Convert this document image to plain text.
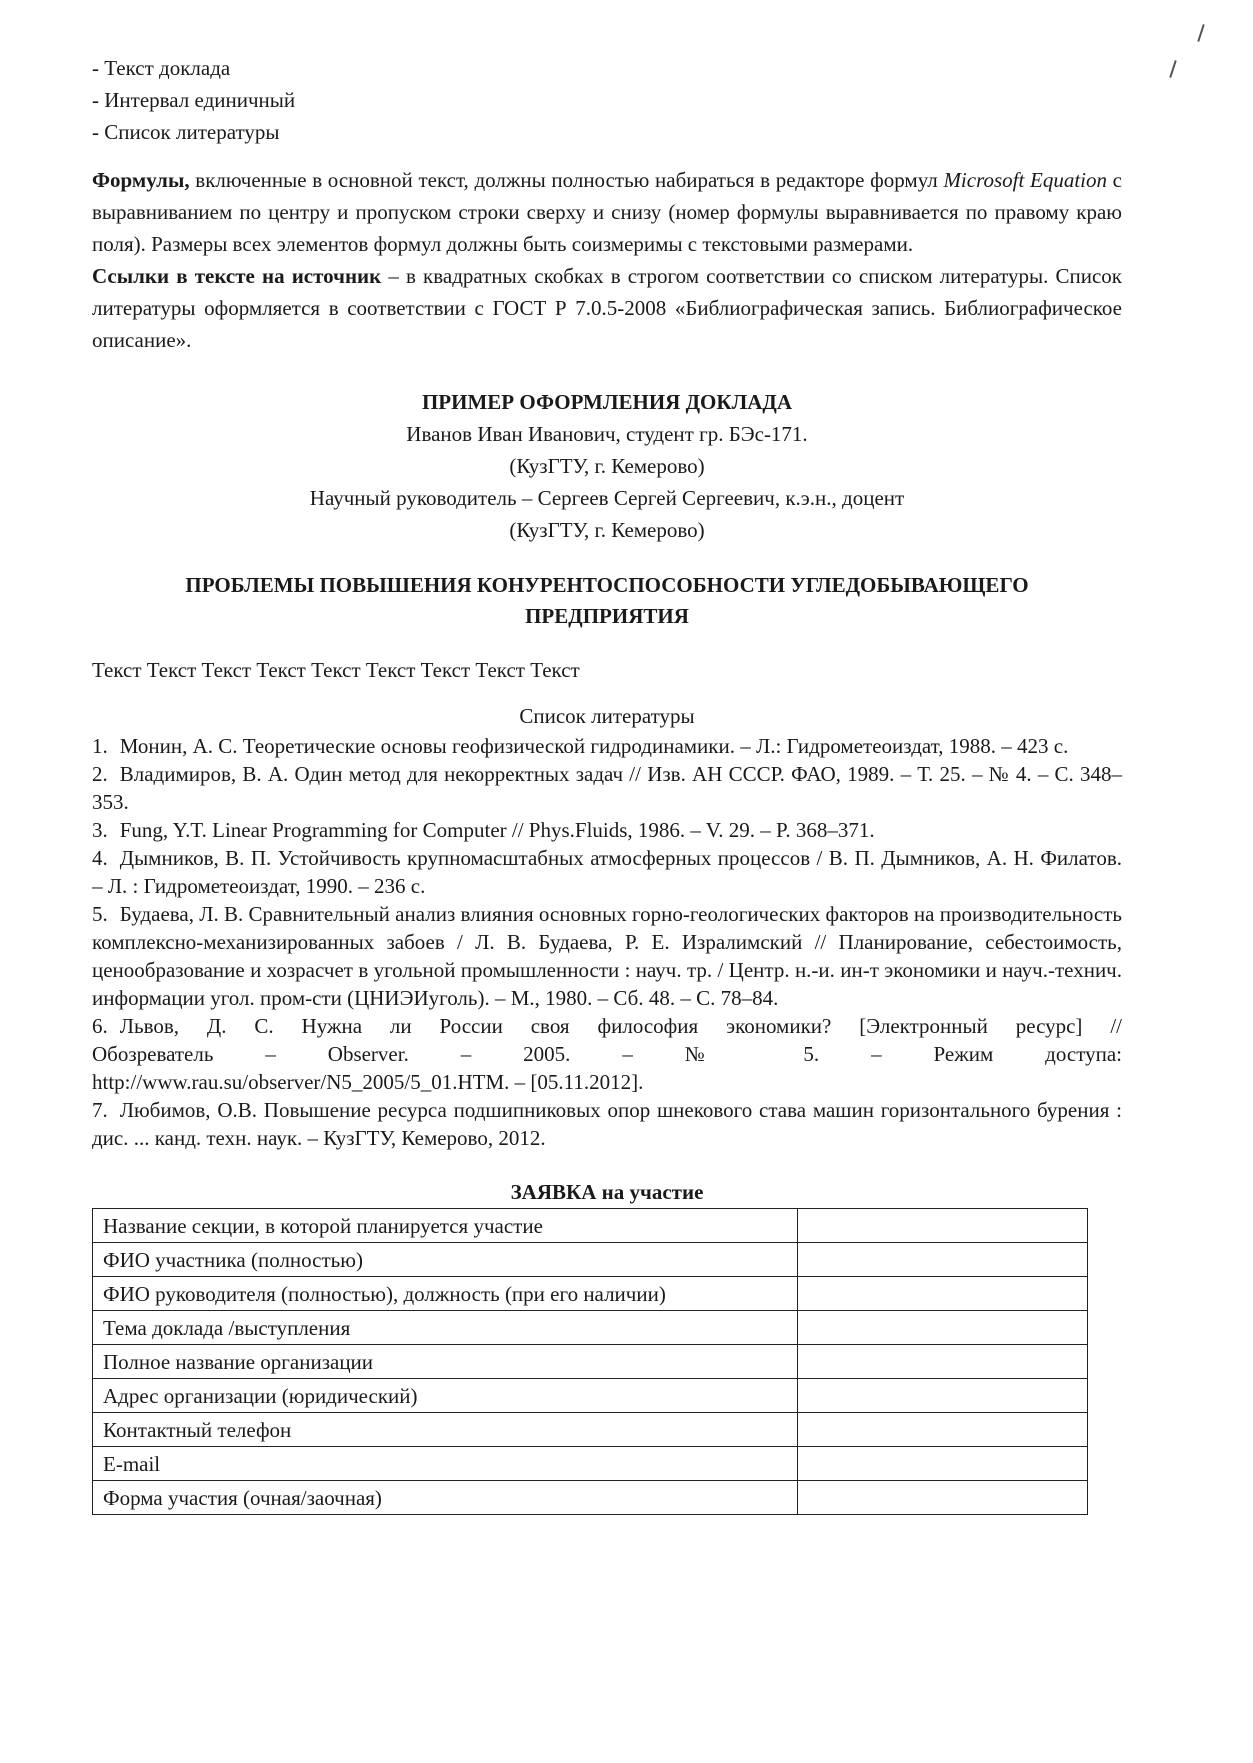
- Текст доклада
- Интервал единичный
- Список литературы

Формулы, включенные в основной текст, должны полностью набираться в редакторе формул Microsoft Equation с выравниванием по центру и пропуском строки сверху и снизу (номер формулы выравнивается по правому краю поля). Размеры всех элементов формул должны быть соизмеримы с текстовыми размерами.

Ссылки в тексте на источник – в квадратных скобках в строгом соответствии со списком литературы. Список литературы оформляется в соответствии с ГОСТ Р 7.0.5-2008 «Библиографическая запись. Библиографическое описание».

ПРИМЕР ОФОРМЛЕНИЯ ДОКЛАДА
Иванов Иван Иванович, студент гр. БЭс-171.
(КузГТУ, г. Кемерово)
Научный руководитель – Сергеев Сергей Сергеевич, к.э.н., доцент
(КузГТУ, г. Кемерово)
ПРОБЛЕМЫ ПОВЫШЕНИЯ КОНУРЕНТОСПОСОБНОСТИ УГЛЕДОБЫВАЮЩЕГО
ПРЕДПРИЯТИЯ
Текст Текст Текст Текст Текст Текст Текст Текст Текст
Список литературы

1. Монин, А. С. Теоретические основы геофизической гидродинамики. – Л.: Гидрометеоиздат, 1988. – 423 с.

2. Владимиров, В. А. Один метод для некорректных задач // Изв. АН СССР. ФАО, 1989. – Т. 25. – № 4. – С. 348–353.

3. Fung, Y.T. Linear Programming for Computer // Phys.Fluids, 1986. – V. 29. – P. 368–371.

4. Дымников, В. П. Устойчивость крупномасштабных атмосферных процессов / В. П. Дымников, А. Н. Филатов. – Л. : Гидрометеоиздат, 1990. – 236 с.

5. Будаева, Л. В. Сравнительный анализ влияния основных горно-геологических факторов на производительность комплексно-механизированных забоев / Л. В. Будаева, Р. Е. Изралимский // Планирование, себестоимость, ценообразование и хозрасчет в угольной промышленности : науч. тр. / Центр. н.-и. ин-т экономики и науч.-технич. информации угол. пром-сти (ЦНИЭИуголь). – М., 1980. – Сб. 48. – С. 78–84.

6. Львов, Д. С. Нужна ли России своя философия экономики? [Электронный ресурс] //

Обозреватель – Observer. – 2005. – № 5. – Режим доступа:

http://www.rau.su/observer/N5_2005/5_01.HTM. – [05.11.2012].

7. Любимов, О.В. Повышение ресурса подшипниковых опор шнекового става машин горизонтального бурения : дис. ... канд. техн. наук. – КузГТУ, Кемерово, 2012.

ЗАЯВКА на участие
Название секции, в которой планируется участие	
ФИО участника (полностью)	
ФИО руководителя (полностью), должность (при его наличии)	
Тема доклада /выступления	
Полное название организации	
Адрес организации (юридический)	
Контактный телефон	
E-mail	
Форма участия (очная/заочная)	
